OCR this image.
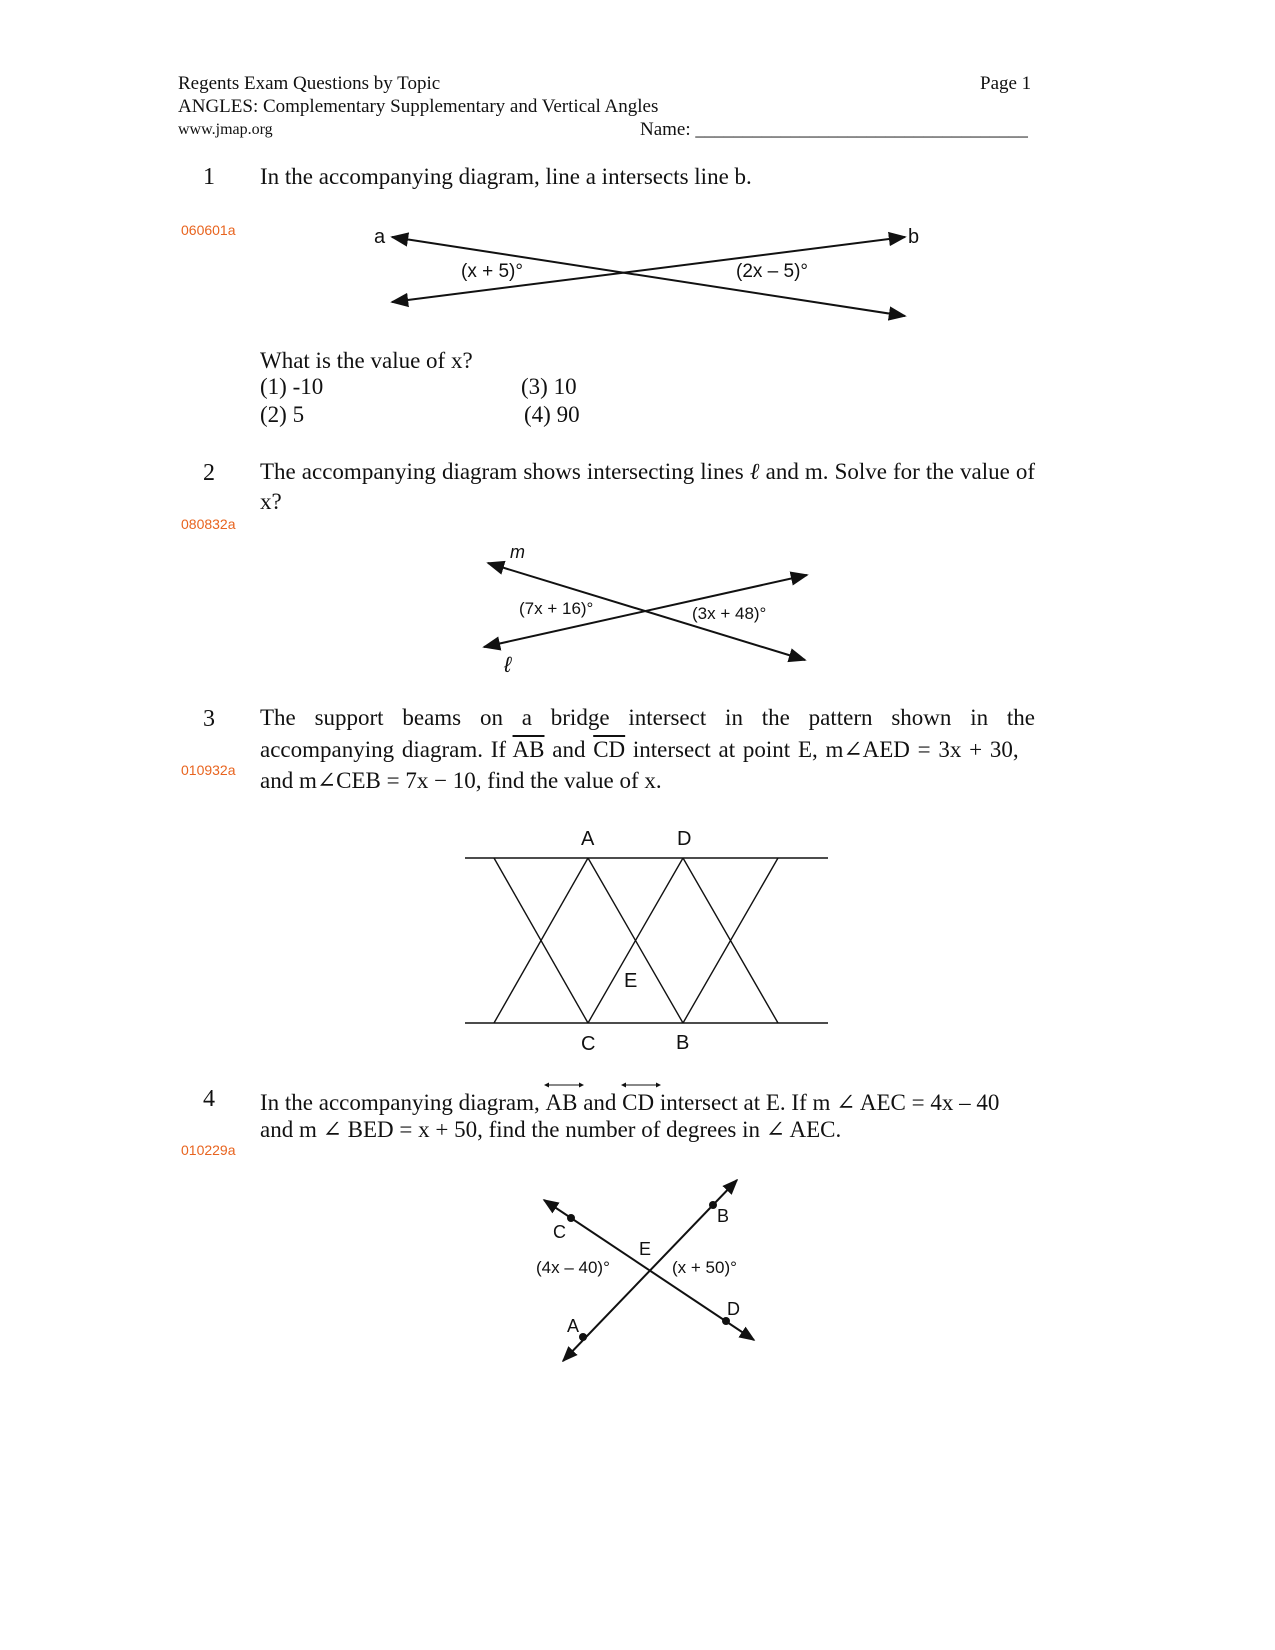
Regents Exam Questions by Topic	Page 1
ANGLES: Complementary Supplementary and Vertical Angles
www.jmap.org	Name: ___________________________________
1
060601a
In the accompanying diagram, line a intersects line b.
a	b
(x + 5)°	(2x – 5)°
What is the value of x?
(1) -10
(2) 5
(3) 10
(4) 90
2
080832a
The accompanying diagram shows intersecting lines ℓ and m. Solve for the value of x?
m
ℓ
(7x + 16)°	(3x + 48)°
3
010932a
The support beams on a bridge intersect in the pattern shown in the
accompanying diagram. If $\overline{AB}$ and $\overline{CD}$ intersect at point E, m∠AED = 3x + 30,
and m∠CEB = 7x − 10, find the value of x.
A	D
E
C	B
4
010229a
In the accompanying diagram, AB and CD intersect at E. If m ∠ AEC = 4x – 40
and m ∠ BED = x + 50, find the number of degrees in ∠ AEC.
C
B
E
D
A
(4x – 40)°	(x + 50)°
